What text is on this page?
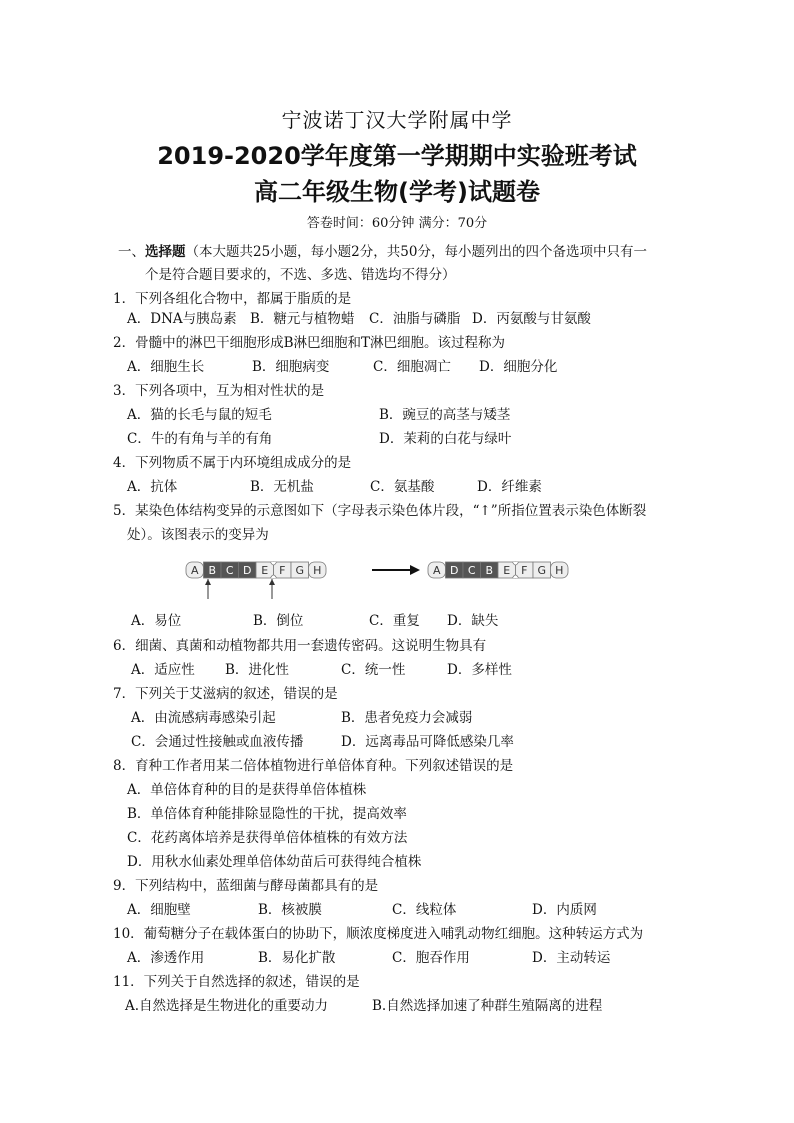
宁波诺丁汉大学附属中学
2019-2020学年度第一学期期中实验班考试
高二年级生物(学考)试题卷
答卷时间：60分钟 满分：70分
一、选择题（本大题共25小题，每小题2分，共50分，每小题列出的四个备选项中只有一
个是符合题目要求的，不选、多选、错选均不得分）
1．下列各组化合物中，都属于脂质的是
A．DNA与胰岛素 B．糖元与植物蜡 C．油脂与磷脂 D．丙氨酸与甘氨酸
2．骨髓中的淋巴干细胞形成B淋巴细胞和T淋巴细胞。该过程称为
A．细胞生长	B．细胞病变	C．细胞凋亡 D．细胞分化
3．下列各项中，互为相对性状的是
A．猫的长毛与鼠的短毛	B．豌豆的高茎与矮茎
C．牛的有角与羊的有角	D．茉莉的白花与绿叶
4．下列物质不属于内环境组成成分的是
A．抗体	B．无机盐	C．氨基酸	D．纤维素
5．某染色体结构变异的示意图如下（字母表示染色体片段，“↑”所指位置表示染色体断裂
处）。该图表示的变异为
A B C D E F G H	A D C B E F G H
A．易位	B．倒位	C．重复 D．缺失
6．细菌、真菌和动植物都共用一套遗传密码。这说明生物具有
A．适应性 B．进化性	C．统一性	D．多样性
7．下列关于艾滋病的叙述，错误的是
A．由流感病毒感染引起	B．患者免疫力会减弱
C．会通过性接触或血液传播	D．远离毒品可降低感染几率
8．育种工作者用某二倍体植物进行单倍体育种。下列叙述错误的是
A．单倍体育种的目的是获得单倍体植株
B．单倍体育种能排除显隐性的干扰，提高效率
C．花药离体培养是获得单倍体植株的有效方法
D．用秋水仙素处理单倍体幼苗后可获得纯合植株
9．下列结构中，蓝细菌与酵母菌都具有的是
A．细胞壁	B．核被膜	C．线粒体	D．内质网
10．葡萄糖分子在载体蛋白的协助下，顺浓度梯度进入哺乳动物红细胞。这种转运方式为
A．渗透作用	B．易化扩散	C．胞吞作用	D．主动转运
11．下列关于自然选择的叙述，错误的是
A.自然选择是生物进化的重要动力	B.自然选择加速了种群生殖隔离的进程
